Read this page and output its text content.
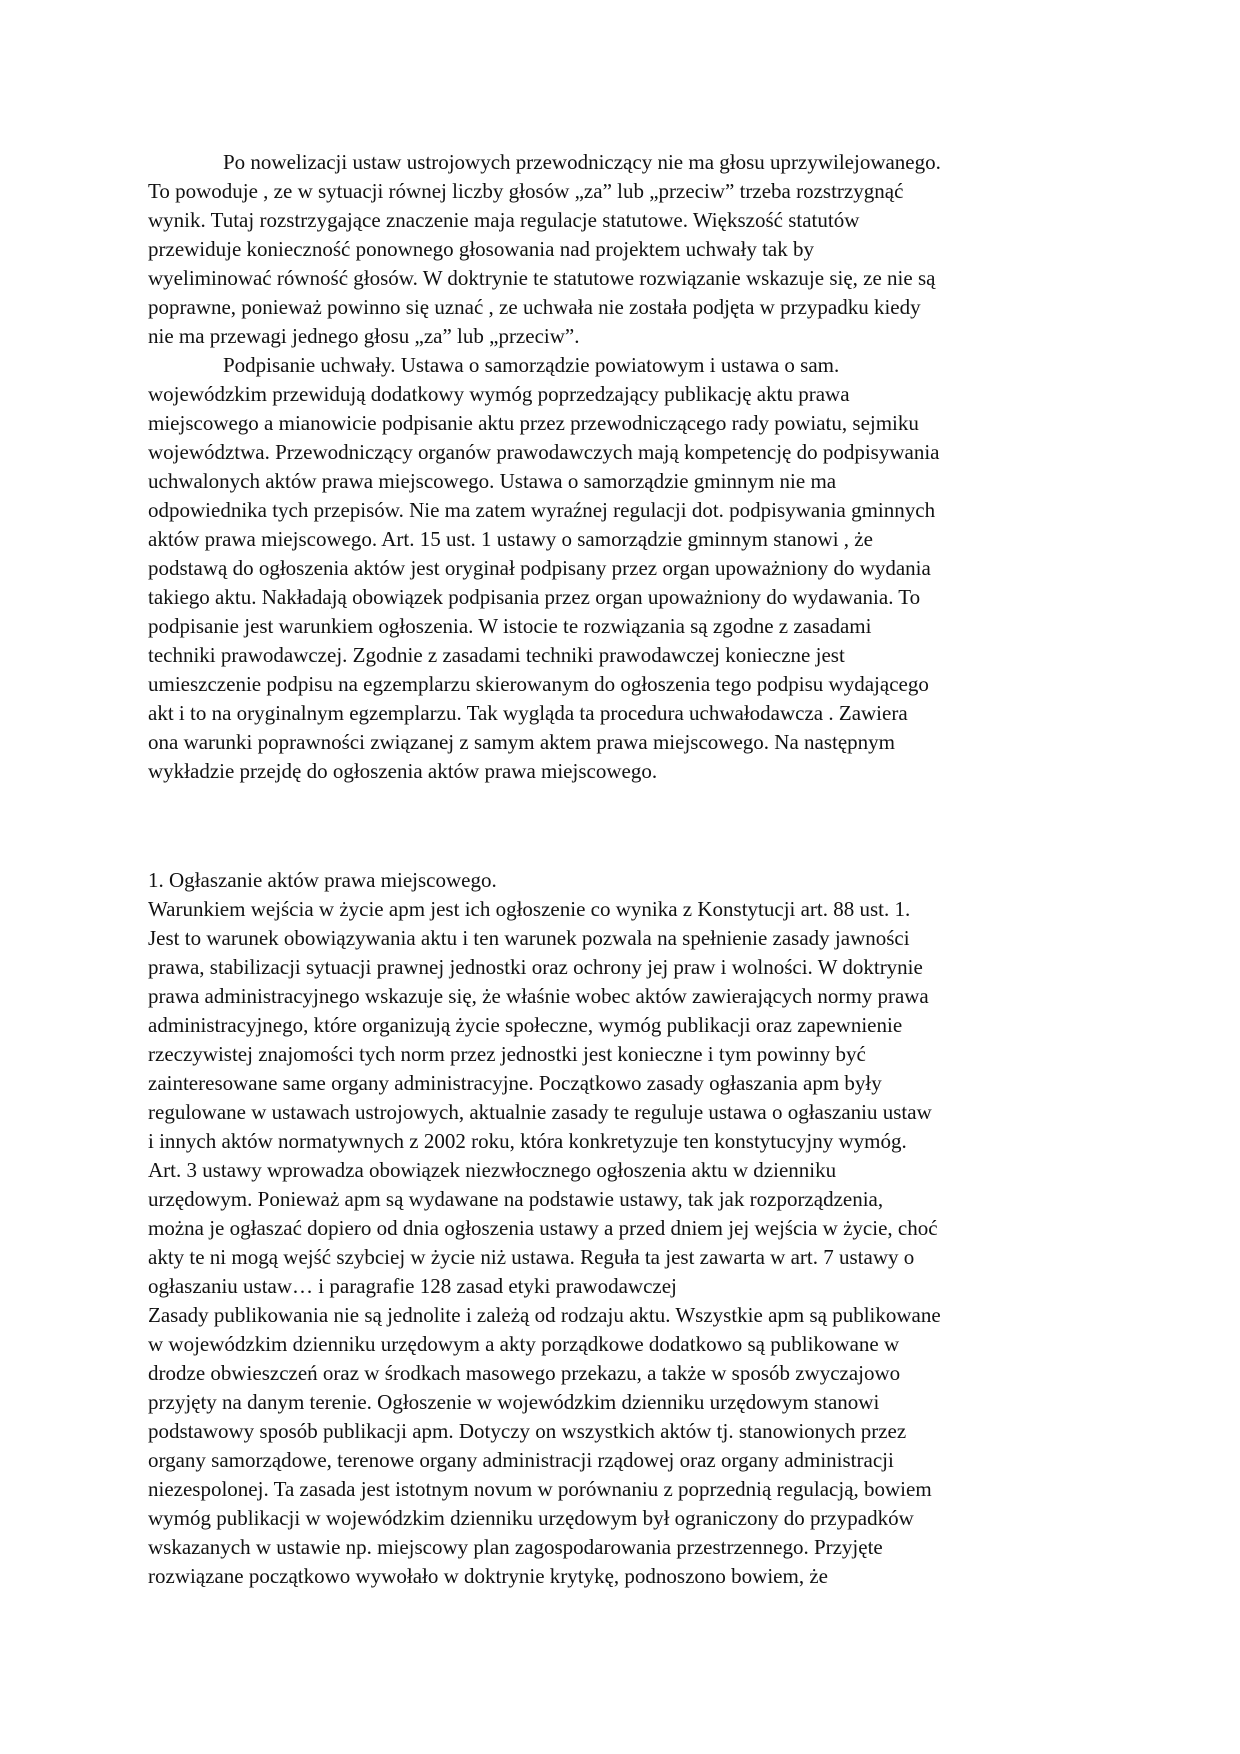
Po nowelizacji ustaw ustrojowych przewodniczący nie ma głosu uprzywilejowanego.
To powoduje , ze w sytuacji równej liczby głosów „za” lub „przeciw” trzeba rozstrzygnąć
wynik. Tutaj rozstrzygające znaczenie maja regulacje statutowe. Większość statutów
przewiduje konieczność ponownego głosowania nad projektem uchwały tak by
wyeliminować równość głosów. W doktrynie te statutowe rozwiązanie wskazuje się, ze nie są
poprawne, ponieważ powinno się uznać , ze uchwała nie została podjęta w przypadku kiedy
nie ma przewagi jednego głosu „za” lub „przeciw”.
Podpisanie uchwały. Ustawa o samorządzie powiatowym i ustawa o sam.
wojewódzkim przewidują dodatkowy wymóg poprzedzający publikację aktu prawa
miejscowego a mianowicie podpisanie aktu przez przewodniczącego rady powiatu, sejmiku
województwa. Przewodniczący organów prawodawczych mają kompetencję do podpisywania
uchwalonych aktów prawa miejscowego. Ustawa o samorządzie gminnym nie ma
odpowiednika tych przepisów. Nie ma zatem wyraźnej regulacji dot. podpisywania gminnych
aktów prawa miejscowego. Art. 15 ust. 1 ustawy o samorządzie gminnym stanowi , że
podstawą do ogłoszenia aktów jest oryginał podpisany przez organ upoważniony do wydania
takiego aktu. Nakładają obowiązek podpisania przez organ upoważniony do wydawania. To
podpisanie jest warunkiem ogłoszenia. W istocie te rozwiązania są zgodne z zasadami
techniki prawodawczej. Zgodnie z zasadami techniki prawodawczej konieczne jest
umieszczenie podpisu na egzemplarzu skierowanym do ogłoszenia tego podpisu wydającego
akt i to na oryginalnym egzemplarzu. Tak wygląda ta procedura uchwałodawcza . Zawiera
ona warunki poprawności związanej z samym aktem prawa miejscowego. Na następnym
wykładzie przejdę do ogłoszenia aktów prawa miejscowego.
1. Ogłaszanie aktów prawa miejscowego.
Warunkiem wejścia w życie apm jest ich ogłoszenie co wynika z Konstytucji art. 88 ust. 1.
Jest to warunek obowiązywania aktu i ten warunek pozwala na spełnienie zasady jawności
prawa, stabilizacji sytuacji prawnej jednostki oraz ochrony jej praw i wolności. W doktrynie
prawa administracyjnego wskazuje się, że właśnie wobec aktów zawierających normy prawa
administracyjnego, które organizują życie społeczne, wymóg publikacji oraz zapewnienie
rzeczywistej znajomości tych norm przez jednostki jest konieczne i tym powinny być
zainteresowane same organy administracyjne. Początkowo zasady ogłaszania apm były
regulowane w ustawach ustrojowych, aktualnie zasady te reguluje ustawa o ogłaszaniu ustaw
i innych aktów normatywnych z 2002 roku, która konkretyzuje ten konstytucyjny wymóg.
Art. 3 ustawy wprowadza obowiązek niezwłocznego ogłoszenia aktu w dzienniku
urzędowym. Ponieważ apm są wydawane na podstawie ustawy, tak jak rozporządzenia,
można je ogłaszać dopiero od dnia ogłoszenia ustawy a przed dniem jej wejścia w życie, choć
akty te ni mogą wejść szybciej w życie niż ustawa. Reguła ta jest zawarta w art. 7 ustawy o
ogłaszaniu ustaw… i paragrafie 128 zasad etyki prawodawczej
Zasady publikowania nie są jednolite i zależą od rodzaju aktu. Wszystkie apm są publikowane
w wojewódzkim dzienniku urzędowym a akty porządkowe dodatkowo są publikowane w
drodze obwieszczeń oraz w środkach masowego przekazu, a także w sposób zwyczajowo
przyjęty na danym terenie. Ogłoszenie w wojewódzkim dzienniku urzędowym stanowi
podstawowy sposób publikacji apm. Dotyczy on wszystkich aktów tj. stanowionych przez
organy samorządowe, terenowe organy administracji rządowej oraz organy administracji
niezespolonej. Ta zasada jest istotnym novum w porównaniu z poprzednią regulacją, bowiem
wymóg publikacji w wojewódzkim dzienniku urzędowym był ograniczony do przypadków
wskazanych w ustawie np. miejscowy plan zagospodarowania przestrzennego. Przyjęte
rozwiązane początkowo wywołało w doktrynie krytykę, podnoszono bowiem, że
